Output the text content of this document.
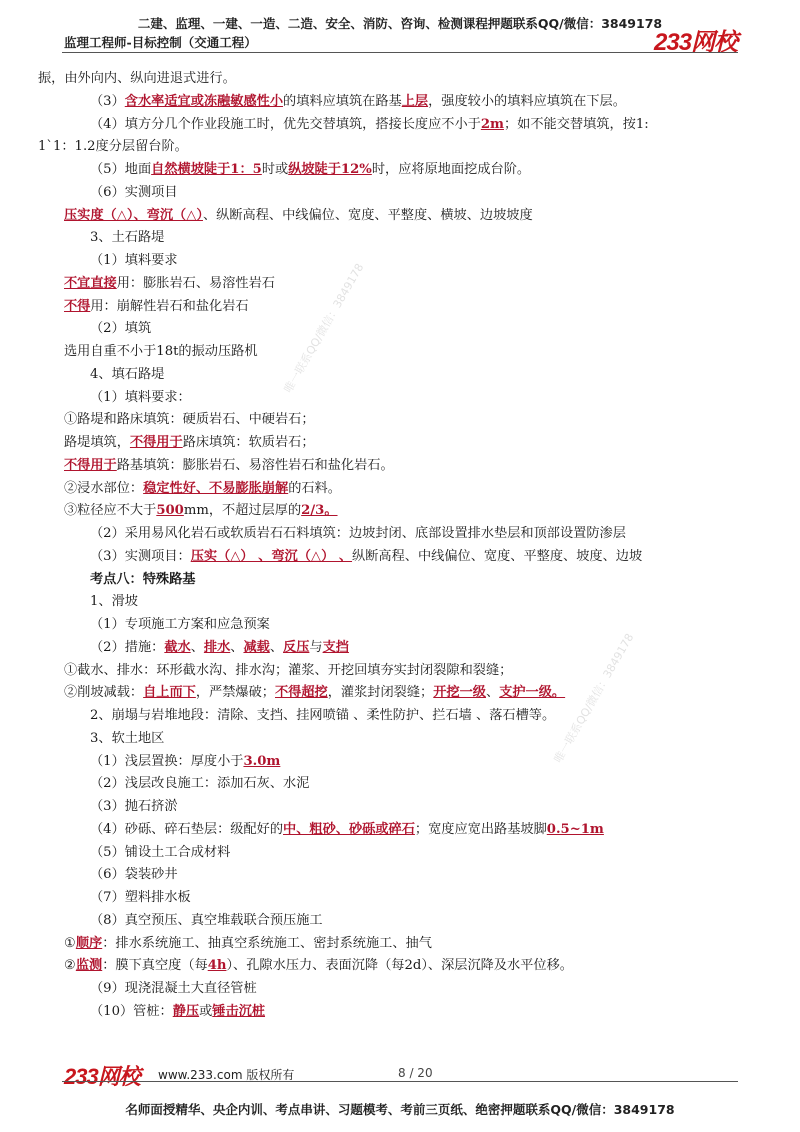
二建、监理、一建、一造、二造、安全、消防、咨询、检测课程押题联系QQ/微信：3849178
监理工程师-目标控制（交通工程）	233网校
唯一联系QQ/微信：3849178
唯一联系QQ/微信：3849178
振，由外向内、纵向进退式进行。
（3）含水率适宜或冻融敏感性小的填料应填筑在路基上层，强度较小的填料应填筑在下层。
（4）填方分几个作业段施工时，优先交替填筑，搭接长度应不小于2m；如不能交替填筑，按1:
1`1：1.2度分层留台阶。
（5）地面自然横坡陡于1：5时或纵坡陡于12%时，应将原地面挖成台阶。
（6）实测项目
压实度（△）、弯沉（△）、纵断高程、中线偏位、宽度、平整度、横坡、边坡坡度
3、土石路堤
（1）填料要求
不宜直接用：膨胀岩石、易溶性岩石
不得用：崩解性岩石和盐化岩石
（2）填筑
选用自重不小于18t的振动压路机
4、填石路堤
（1）填料要求：
①路堤和路床填筑：硬质岩石、中硬岩石；
路堤填筑，不得用于路床填筑：软质岩石；
不得用于路基填筑：膨胀岩石、易溶性岩石和盐化岩石。
②浸水部位：稳定性好、不易膨胀崩解的石料。
③粒径应不大于500mm，不超过层厚的2/3。
（2）采用易风化岩石或软质岩石石料填筑：边坡封闭、底部设置排水垫层和顶部设置防渗层
（3）实测项目：压实（△） 、弯沉（△） 、纵断高程、中线偏位、宽度、平整度、坡度、边坡
考点八：特殊路基
1、滑坡
（1）专项施工方案和应急预案
（2）措施：截水、排水、减载、反压与支挡
①截水、排水：环形截水沟、排水沟；灌浆、开挖回填夯实封闭裂隙和裂缝；
②削坡减载：自上而下，严禁爆破；不得超挖，灌浆封闭裂缝；开挖一级、支护一级。
2、崩塌与岩堆地段：清除、支挡、挂网喷锚 、柔性防护、拦石墙 、落石槽等。
3、软土地区
（1）浅层置换：厚度小于3.0m
（2）浅层改良施工：添加石灰、水泥
（3）抛石挤淤
（4）砂砾、碎石垫层：级配好的中、粗砂、砂砾或碎石；宽度应宽出路基坡脚0.5~1m
（5）铺设土工合成材料
（6）袋装砂井
（7）塑料排水板
（8）真空预压、真空堆载联合预压施工
①顺序：排水系统施工、抽真空系统施工、密封系统施工、抽气
②监测：膜下真空度（每4h）、孔隙水压力、表面沉降（每2d）、深层沉降及水平位移。
（9）现浇混凝土大直径管桩
（10）管桩：静压或锤击沉桩
233网校 www.233.com 版权所有	8 / 20
名师面授精华、央企内训、考点串讲、习题模考、考前三页纸、绝密押题联系QQ/微信：3849178
